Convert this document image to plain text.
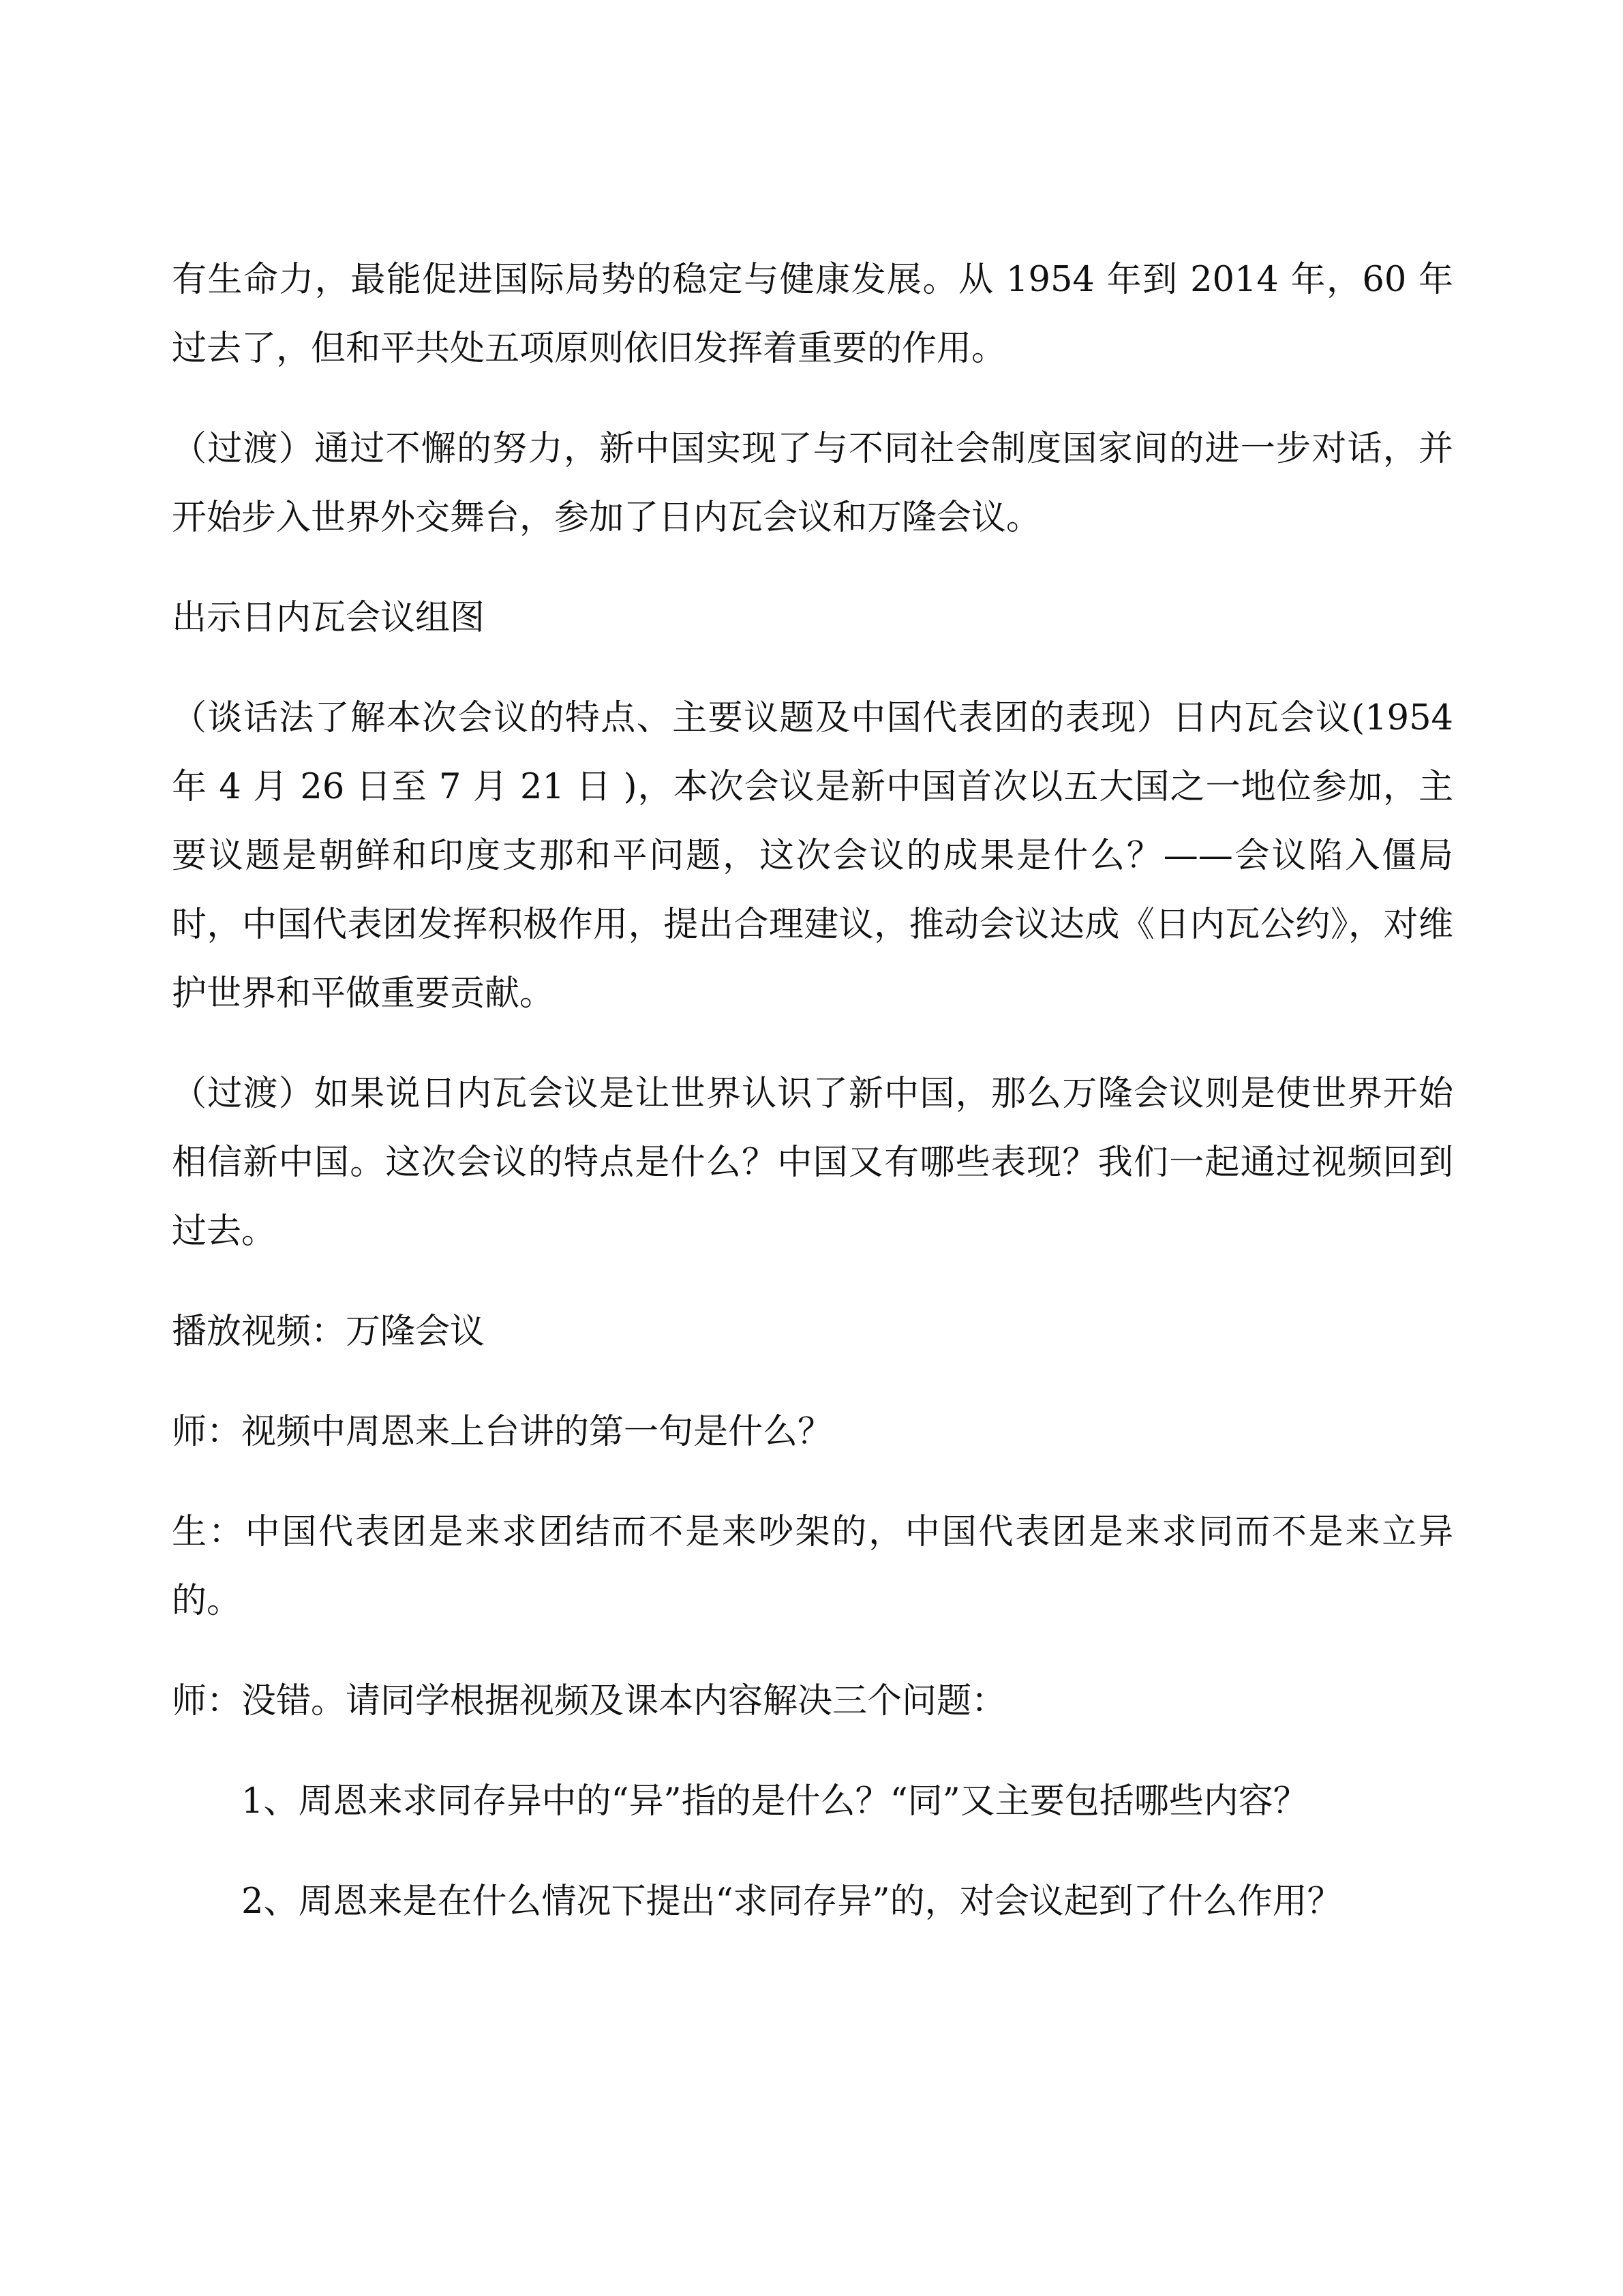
有生命力，最能促进国际局势的稳定与健康发展。从 1954 年到 2014 年，60 年过去了，但和平共处五项原则依旧发挥着重要的作用。

（过渡）通过不懈的努力，新中国实现了与不同社会制度国家间的进一步对话，并开始步入世界外交舞台，参加了日内瓦会议和万隆会议。

出示日内瓦会议组图

（谈话法了解本次会议的特点、主要议题及中国代表团的表现）日内瓦会议(1954 年 4 月 26 日至 7 月 21 日 )，本次会议是新中国首次以五大国之一地位参加，主要议题是朝鲜和印度支那和平问题，这次会议的成果是什么？——会议陷入僵局时，中国代表团发挥积极作用，提出合理建议，推动会议达成《日内瓦公约》，对维护世界和平做重要贡献。

（过渡）如果说日内瓦会议是让世界认识了新中国，那么万隆会议则是使世界开始相信新中国。这次会议的特点是什么？中国又有哪些表现？我们一起通过视频回到过去。

播放视频：万隆会议

师：视频中周恩来上台讲的第一句是什么？

生：中国代表团是来求团结而不是来吵架的，中国代表团是来求同而不是来立异的。

师：没错。请同学根据视频及课本内容解决三个问题：

1、周恩来求同存异中的“异”指的是什么？“同”又主要包括哪些内容？

2、周恩来是在什么情况下提出“求同存异”的，对会议起到了什么作用？
